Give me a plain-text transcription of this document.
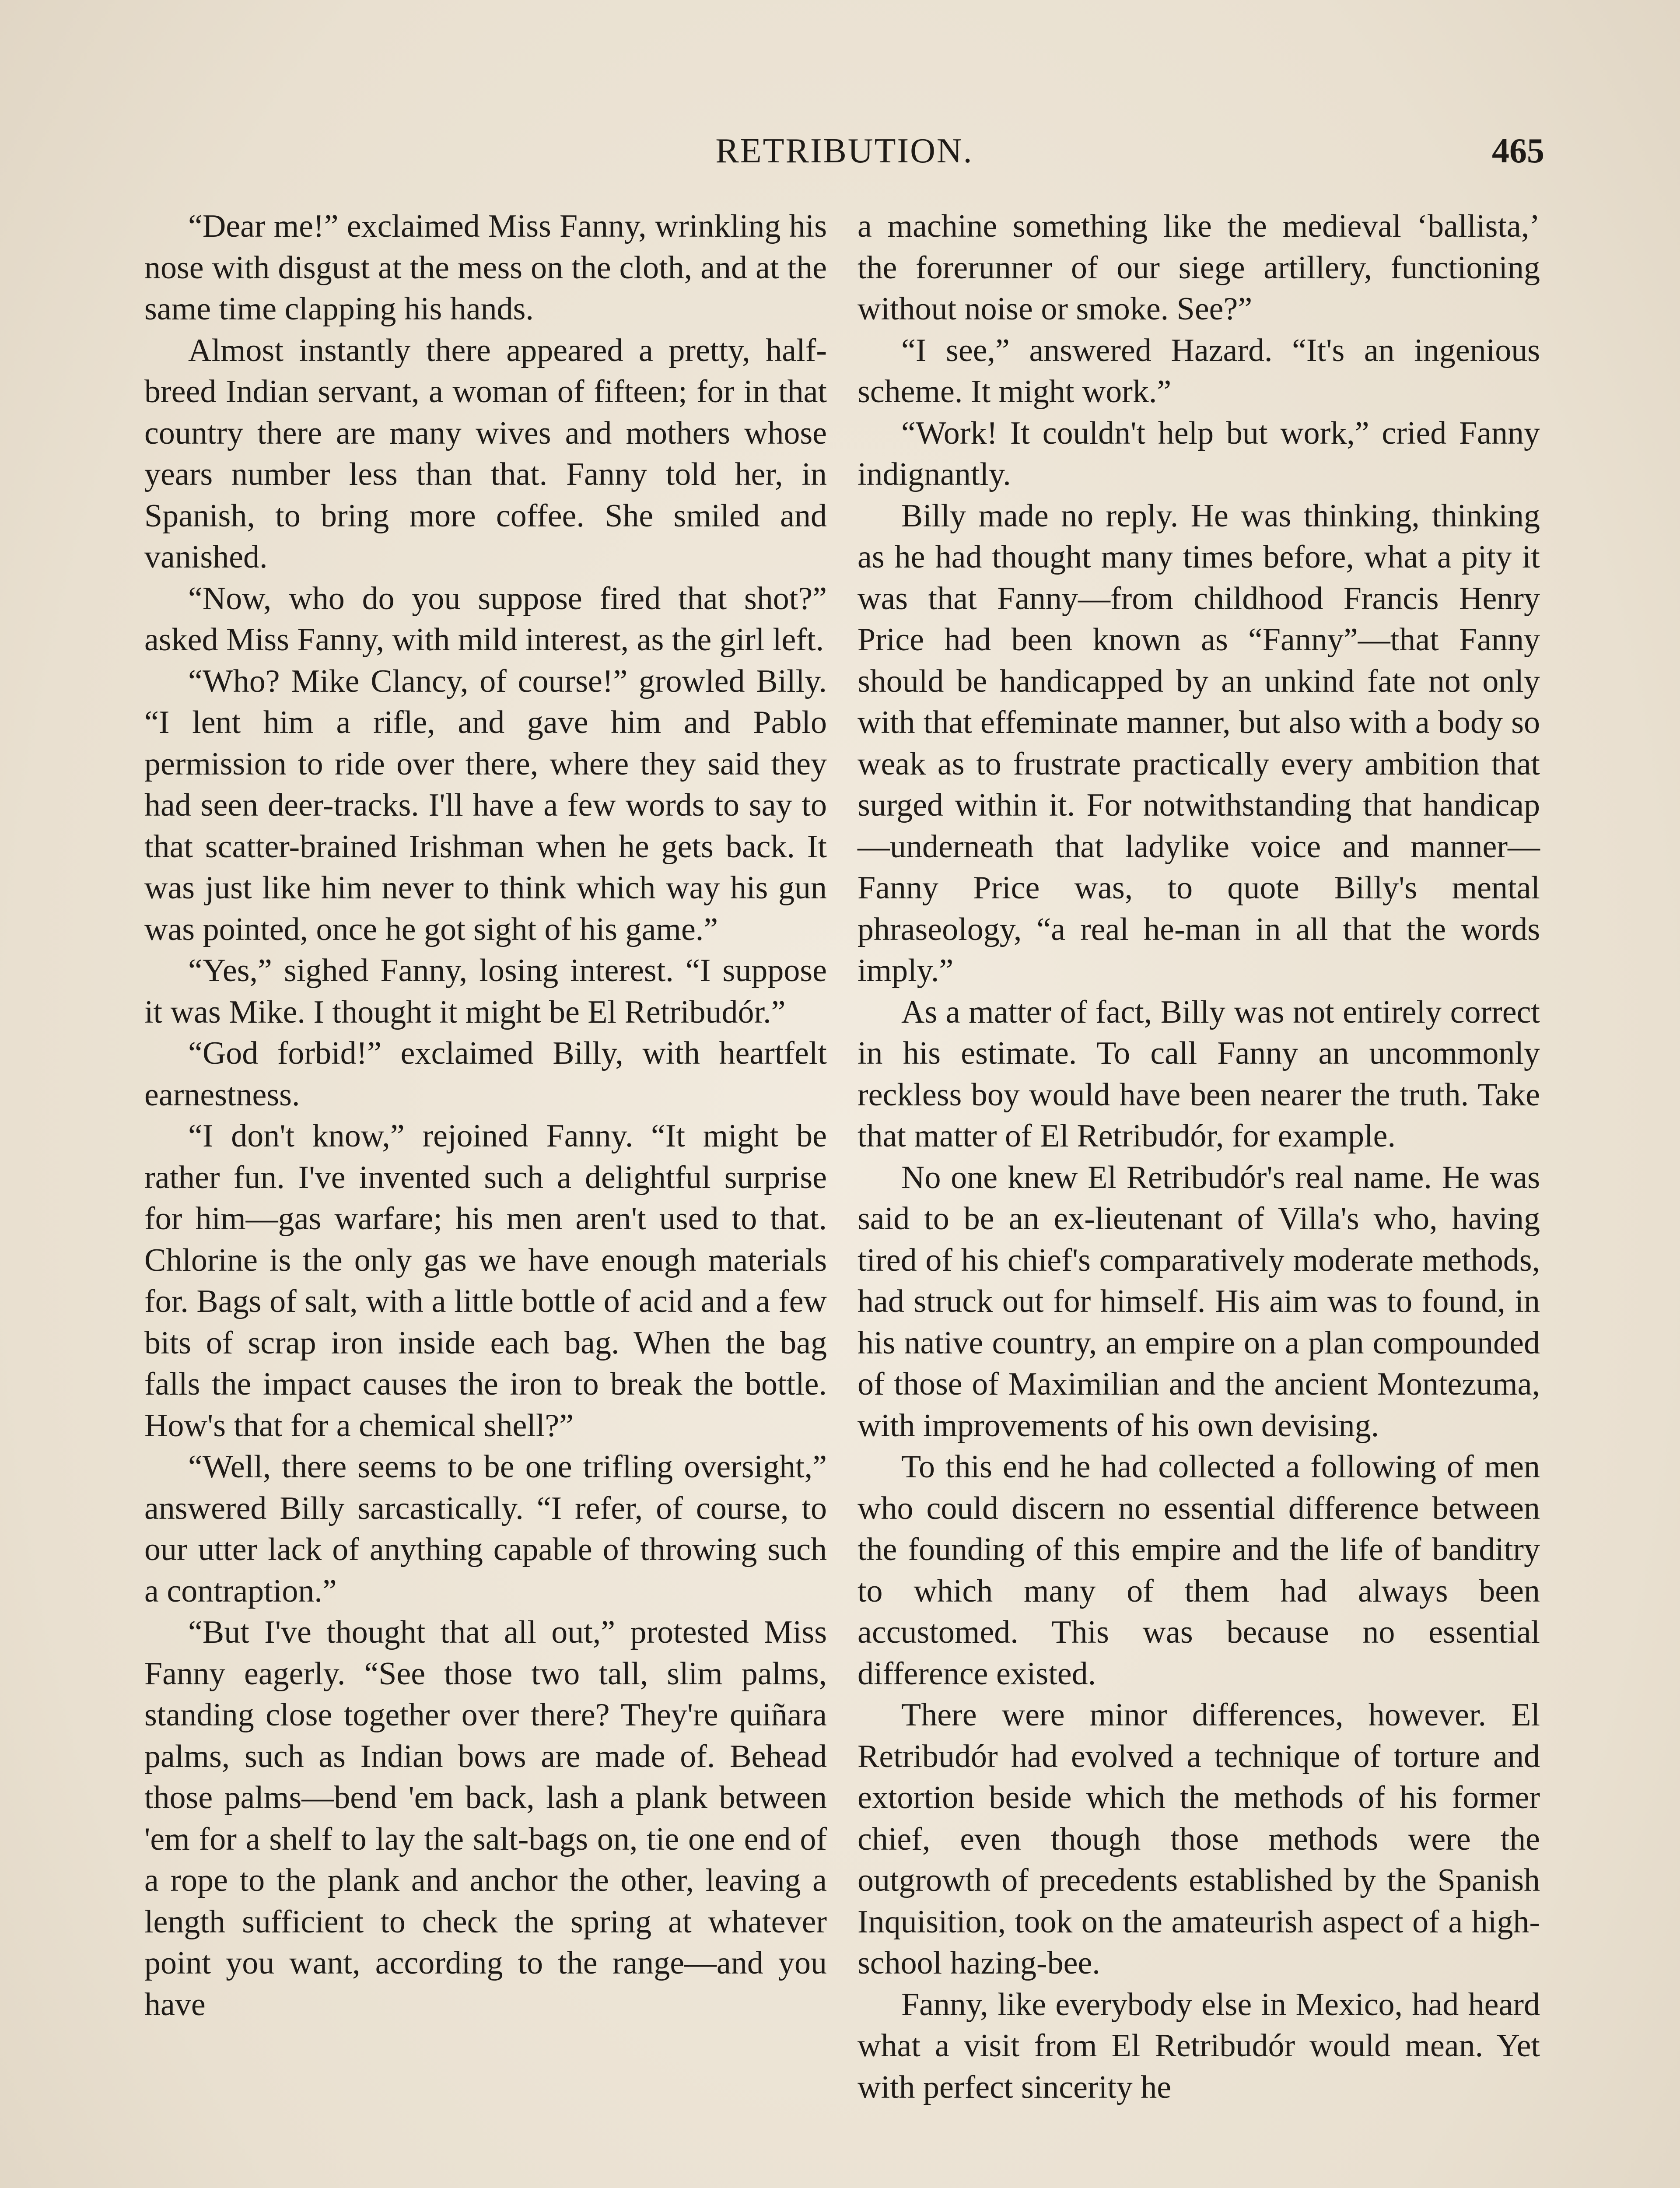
RETRIBUTION.	465

“Dear me!” exclaimed Miss Fanny, wrinkling his nose with disgust at the mess on the cloth, and at the same time clapping his hands.

Almost instantly there appeared a pretty, half-breed Indian servant, a woman of fifteen; for in that country there are many wives and mothers whose years number less than that. Fanny told her, in Spanish, to bring more coffee. She smiled and vanished.

“Now, who do you suppose fired that shot?” asked Miss Fanny, with mild interest, as the girl left.

“Who? Mike Clancy, of course!” growled Billy. “I lent him a rifle, and gave him and Pablo permission to ride over there, where they said they had seen deer-tracks. I'll have a few words to say to that scatter-brained Irishman when he gets back. It was just like him never to think which way his gun was pointed, once he got sight of his game.”

“Yes,” sighed Fanny, losing interest. “I suppose it was Mike. I thought it might be El Retribudór.”

“God forbid!” exclaimed Billy, with heartfelt earnestness.

“I don't know,” rejoined Fanny. “It might be rather fun. I've invented such a delightful surprise for him—gas warfare; his men aren't used to that. Chlorine is the only gas we have enough materials for. Bags of salt, with a little bottle of acid and a few bits of scrap iron inside each bag. When the bag falls the impact causes the iron to break the bottle. How's that for a chemical shell?”

“Well, there seems to be one trifling oversight,” answered Billy sarcastically. “I refer, of course, to our utter lack of anything capable of throwing such a contraption.”

“But I've thought that all out,” protested Miss Fanny eagerly. “See those two tall, slim palms, standing close together over there? They're quiñara palms, such as Indian bows are made of. Behead those palms—bend 'em back, lash a plank between 'em for a shelf to lay the salt-bags on, tie one end of a rope to the plank and anchor the other, leaving a length sufficient to check the spring at whatever point you want, according to the range—and you have

a machine something like the medieval ‘ballista,’ the forerunner of our siege artillery, functioning without noise or smoke. See?”

“I see,” answered Hazard. “It's an ingenious scheme. It might work.”

“Work! It couldn't help but work,” cried Fanny indignantly.

Billy made no reply. He was thinking, thinking as he had thought many times before, what a pity it was that Fanny—from childhood Francis Henry Price had been known as “Fanny”—that Fanny should be handicapped by an unkind fate not only with that effeminate manner, but also with a body so weak as to frustrate practically every ambition that surged within it. For notwithstanding that handicap—underneath that ladylike voice and manner—Fanny Price was, to quote Billy's mental phraseology, “a real he-man in all that the words imply.”

As a matter of fact, Billy was not entirely correct in his estimate. To call Fanny an uncommonly reckless boy would have been nearer the truth. Take that matter of El Retribudór, for example.

No one knew El Retribudór's real name. He was said to be an ex-lieutenant of Villa's who, having tired of his chief's comparatively moderate methods, had struck out for himself. His aim was to found, in his native country, an empire on a plan compounded of those of Maximilian and the ancient Montezuma, with improvements of his own devising.

To this end he had collected a following of men who could discern no essential difference between the founding of this empire and the life of banditry to which many of them had always been accustomed. This was because no essential difference existed.

There were minor differences, however. El Retribudór had evolved a technique of torture and extortion beside which the methods of his former chief, even though those methods were the outgrowth of precedents established by the Spanish Inquisition, took on the amateurish aspect of a high-school hazing-bee.

Fanny, like everybody else in Mexico, had heard what a visit from El Retribudór would mean. Yet with perfect sincerity he
